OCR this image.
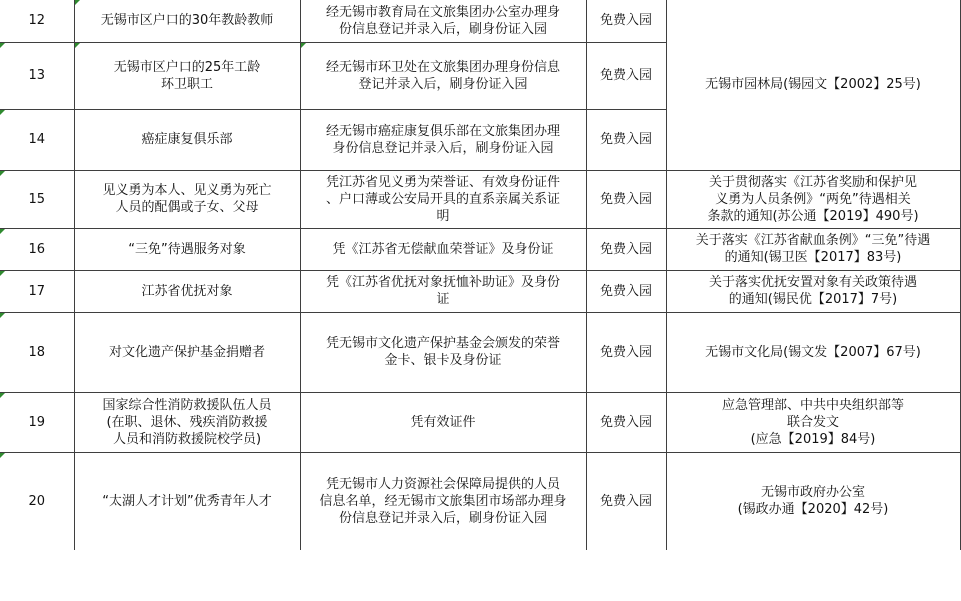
12	无锡市区户口的30年教龄教师	经无锡市教育局在文旅集团办公室办理身
份信息登记并录入后，刷身份证入园	免费入园	无锡市园林局(锡园文【2002】25号)

13	无锡市区户口的25年工龄
环卫职工	经无锡市环卫处在文旅集团办理身份信息
登记并录入后，刷身份证入园	免费入园	

14	癌症康复俱乐部	经无锡市癌症康复俱乐部在文旅集团办理
身份信息登记并录入后，刷身份证入园	免费入园	

15	见义勇为本人、见义勇为死亡
人员的配偶或子女、父母	凭江苏省见义勇为荣誉证、有效身份证件
、户口薄或公安局开具的直系亲属关系证
明	免费入园	关于贯彻落实《江苏省奖励和保护见
义勇为人员条例》“两免”待遇相关
条款的通知(苏公通【2019】490号)

16	“三免”待遇服务对象	凭《江苏省无偿献血荣誉证》及身份证	免费入园	关于落实《江苏省献血条例》“三免”待遇
的通知(锡卫医【2017】83号)

17	江苏省优抚对象	凭《江苏省优抚对象抚恤补助证》及身份
证	免费入园	关于落实优抚安置对象有关政策待遇
的通知(锡民优【2017】7号)

18	对文化遗产保护基金捐赠者	凭无锡市文化遗产保护基金会颁发的荣誉
金卡、银卡及身份证	免费入园	无锡市文化局(锡文发【2007】67号)

19	国家综合性消防救援队伍人员
(在职、退休、残疾消防救援
人员和消防救援院校学员)	凭有效证件	免费入园	应急管理部、中共中央组织部等
联合发文
(应急【2019】84号)

20	“太湖人才计划”优秀青年人才	凭无锡市人力资源社会保障局提供的人员
信息名单，经无锡市文旅集团市场部办理身
份信息登记并录入后，刷身份证入园	免费入园	无锡市政府办公室
(锡政办通【2020】42号)
